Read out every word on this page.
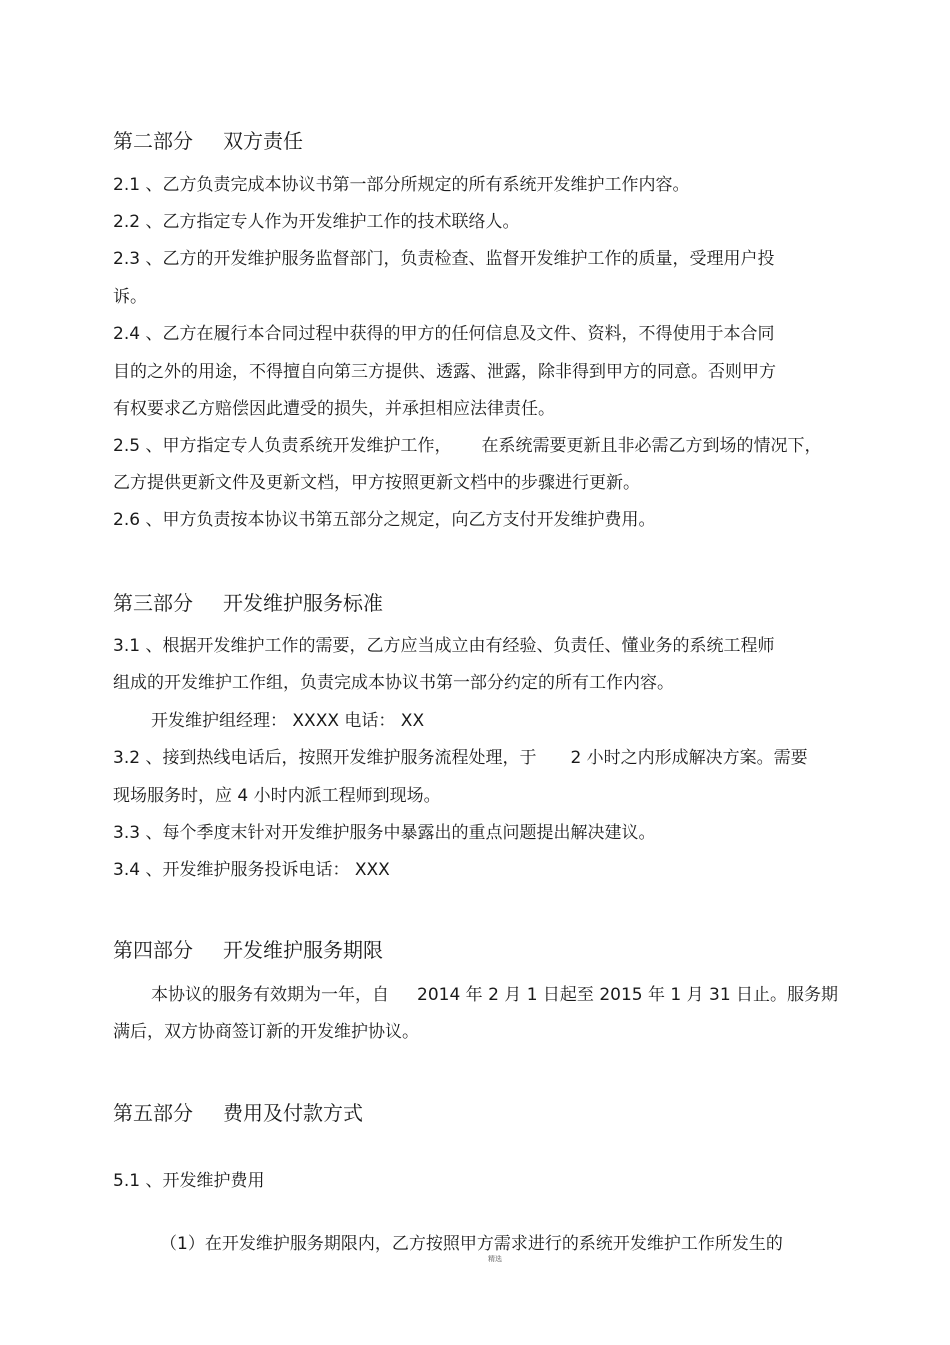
第二部分 双方责任
2.1 、乙方负责完成本协议书第一部分所规定的所有系统开发维护工作内容。
2.2 、乙方指定专人作为开发维护工作的技术联络人。
2.3 、乙方的开发维护服务监督部门，负责检查、监督开发维护工作的质量，受理用户投
诉。
2.4 、乙方在履行本合同过程中获得的甲方的任何信息及文件、资料，不得使用于本合同
目的之外的用途，不得擅自向第三方提供、透露、泄露，除非得到甲方的同意。否则甲方
有权要求乙方赔偿因此遭受的损失，并承担相应法律责任。
2.5 、甲方指定专人负责系统开发维护工作， 在系统需要更新且非必需乙方到场的情况下，
乙方提供更新文件及更新文档，甲方按照更新文档中的步骤进行更新。
2.6 、甲方负责按本协议书第五部分之规定，向乙方支付开发维护费用。
第三部分 开发维护服务标准
3.1 、根据开发维护工作的需要，乙方应当成立由有经验、负责任、懂业务的系统工程师
组成的开发维护工作组，负责完成本协议书第一部分约定的所有工作内容。
开发维护组经理： XXXX 电话： XX
3.2 、接到热线电话后，按照开发维护服务流程处理，于 2 小时之内形成解决方案。需要
现场服务时，应 4 小时内派工程师到现场。
3.3 、每个季度末针对开发维护服务中暴露出的重点问题提出解决建议。
3.4 、开发维护服务投诉电话： XXX
第四部分 开发维护服务期限
本协议的服务有效期为一年，自 2014 年 2 月 1 日起至 2015 年 1 月 31 日止。服务期
满后，双方协商签订新的开发维护协议。
第五部分 费用及付款方式
5.1 、开发维护费用
（1）在开发维护服务期限内，乙方按照甲方需求进行的系统开发维护工作所发生的
精选
